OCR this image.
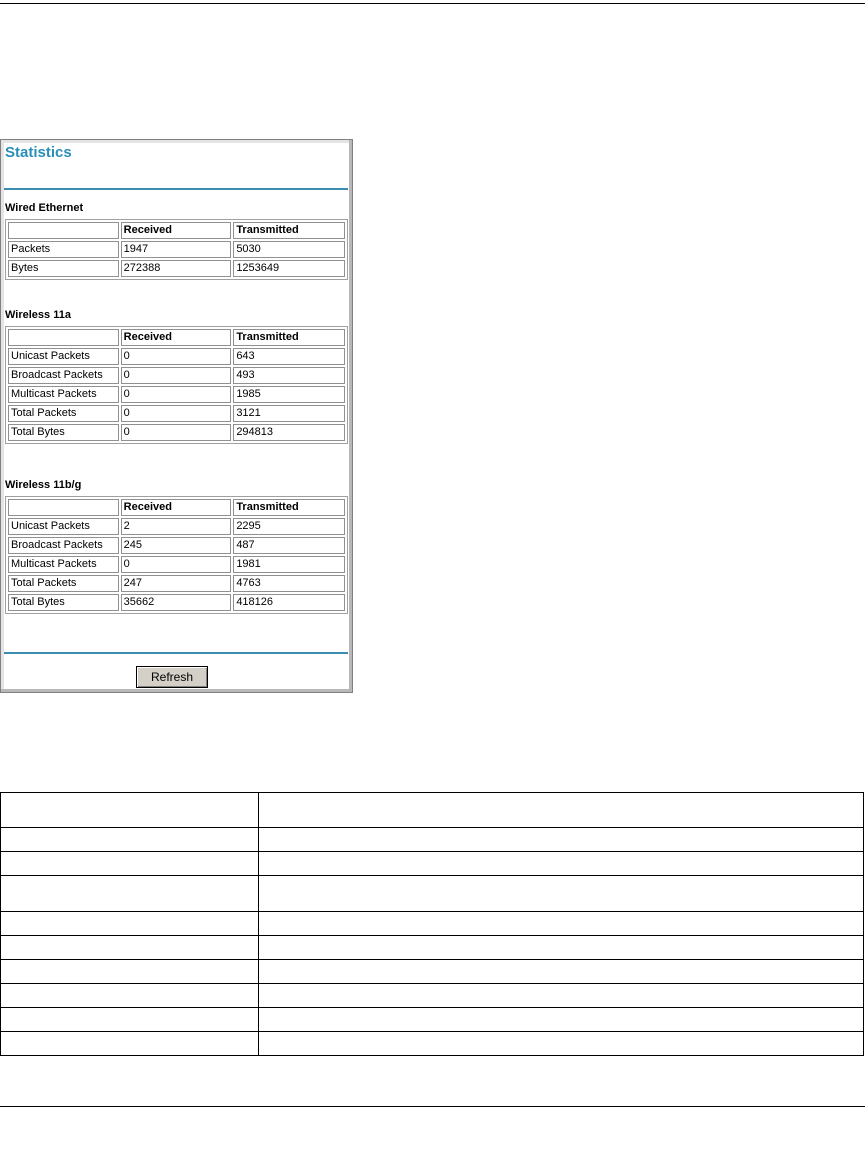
Statistics
Wired Ethernet
	Received	Transmitted
Packets	1947	5030
Bytes	272388	1253649
Wireless 11a
	Received	Transmitted
Unicast Packets	0	643
Broadcast Packets	0	493
Multicast Packets	0	1985
Total Packets	0	3121
Total Bytes	0	294813
Wireless 11b/g
	Received	Transmitted
Unicast Packets	2	2295
Broadcast Packets	245	487
Multicast Packets	0	1981
Total Packets	247	4763
Total Bytes	35662	418126
Refresh
